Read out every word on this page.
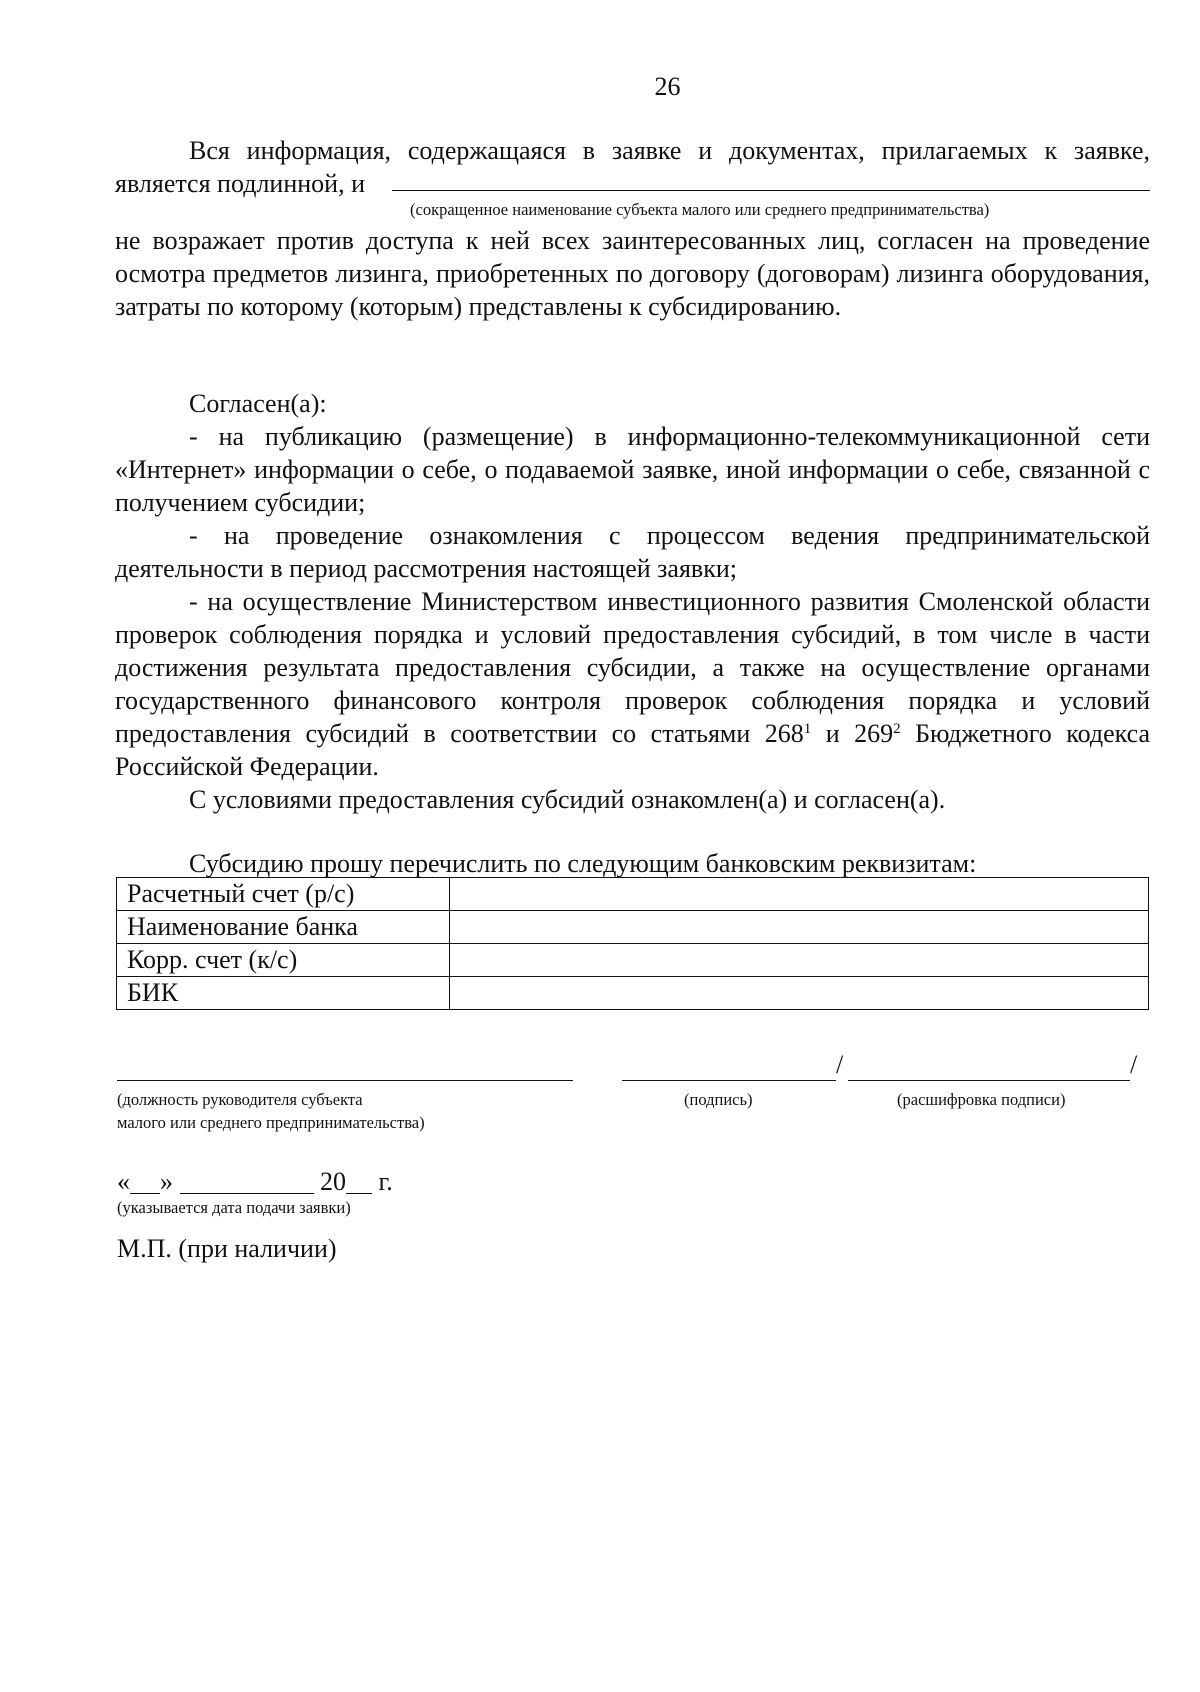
26

Вся информация, содержащаяся в заявке и документах, прилагаемых к заявке, является подлинной, и

(сокращенное наименование субъекта малого или среднего предпринимательства)

не возражает против доступа к ней всех заинтересованных лиц, согласен на проведение осмотра предметов лизинга, приобретенных по договору (договорам) лизинга оборудования, затраты по которому (которым) представлены к субсидированию.

Согласен(а):

- на публикацию (размещение) в информационно-телекоммуникационной сети «Интернет» информации о себе, о подаваемой заявке, иной информации о себе, связанной с получением субсидии;

- на проведение ознакомления с процессом ведения предпринимательской деятельности в период рассмотрения настоящей заявки;

- на осуществление Министерством инвестиционного развития Смоленской области проверок соблюдения порядка и условий предоставления субсидий, в том числе в части достижения результата предоставления субсидии, а также на осуществление органами государственного финансового контроля проверок соблюдения порядка и условий предоставления субсидий в соответствии со статьями $268^1$ и $269^2$ Бюджетного кодекса Российской Федерации.

С условиями предоставления субсидий ознакомлен(а) и согласен(а).

Субсидию прошу перечислить по следующим банковским реквизитам:

Расчетный счет (р/с)	
Наименование банка	
Корр. счет (к/с)	
БИК	
/	/
(должность руководителя субъекта
малого или среднего предпринимательства)
(подпись)	(расшифровка подписи)
« »	20 г.
(указывается дата подачи заявки)
М.П. (при наличии)
